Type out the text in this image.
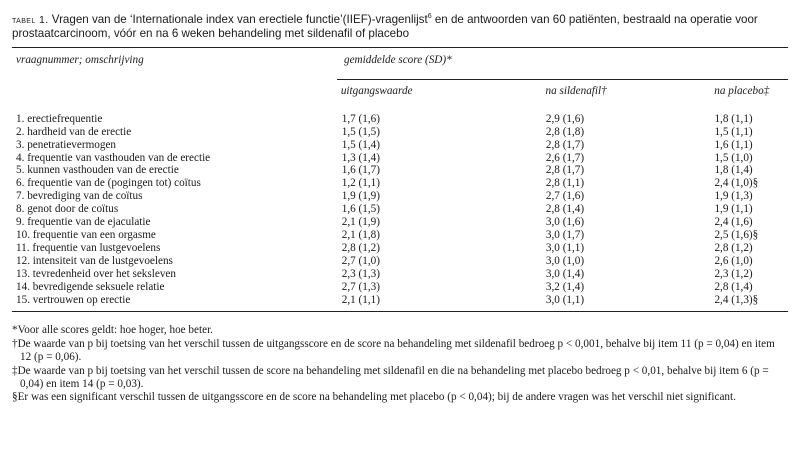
tabel 1. Vragen van de ‘Internationale index van erectiele functie’(IIEF)-vragenlijst$^6$ en de antwoorden van 60 patiënten, bestraald na operatie voor prostaatcarcinoom, vóór en na 6 weken behandeling met sildenafil of placebo

vraagnummer; omschrijving	gemiddelde score (SD)*
	uitgangswaarde	na sildenafil†	na placebo‡
1. erectiefrequentie	1,7 (1,6)	2,9 (1,6)	1,8 (1,1)
2. hardheid van de erectie	1,5 (1,5)	2,8 (1,8)	1,5 (1,1)
3. penetratievermogen	1,5 (1,4)	2,8 (1,7)	1,6 (1,1)
4. frequentie van vasthouden van de erectie	1,3 (1,4)	2,6 (1,7)	1,5 (1,0)
5. kunnen vasthouden van de erectie	1,6 (1,7)	2,8 (1,7)	1,8 (1,4)
6. frequentie van de (pogingen tot) coïtus	1,2 (1,1)	2,8 (1,1)	2,4 (1,0)§
7. bevrediging van de coïtus	1,9 (1,9)	2,7 (1,6)	1,9 (1,3)
8. genot door de coïtus	1,6 (1,5)	2,8 (1,4)	1,9 (1,1)
9. frequentie van de ejaculatie	2,1 (1,9)	3,0 (1,6)	2,4 (1,6)
10. frequentie van een orgasme	2,1 (1,8)	3,0 (1,7)	2,5 (1,6)§
11. frequentie van lustgevoelens	2,8 (1,2)	3,0 (1,1)	2,8 (1,2)
12. intensiteit van de lustgevoelens	2,7 (1,0)	3,0 (1,0)	2,6 (1,0)
13. tevredenheid over het seksleven	2,3 (1,3)	3,0 (1,4)	2,3 (1,2)
14. bevredigende seksuele relatie	2,7 (1,3)	3,2 (1,4)	2,8 (1,4)
15. vertrouwen op erectie	2,1 (1,1)	3,0 (1,1)	2,4 (1,3)§

*Voor alle scores geldt: hoe hoger, hoe beter.

†De waarde van p bij toetsing van het verschil tussen de uitgangsscore en de score na behandeling met sildenafil bedroeg p < 0,001, behalve bij item 11 (p = 0,04) en item 12 (p = 0,06).

‡De waarde van p bij toetsing van het verschil tussen de score na behandeling met sildenafil en die na behandeling met placebo bedroeg p < 0,01, behalve bij item 6 (p = 0,04) en item 14 (p = 0,03).

§Er was een significant verschil tussen de uitgangsscore en de score na behandeling met placebo (p < 0,04); bij de andere vragen was het verschil niet significant.
